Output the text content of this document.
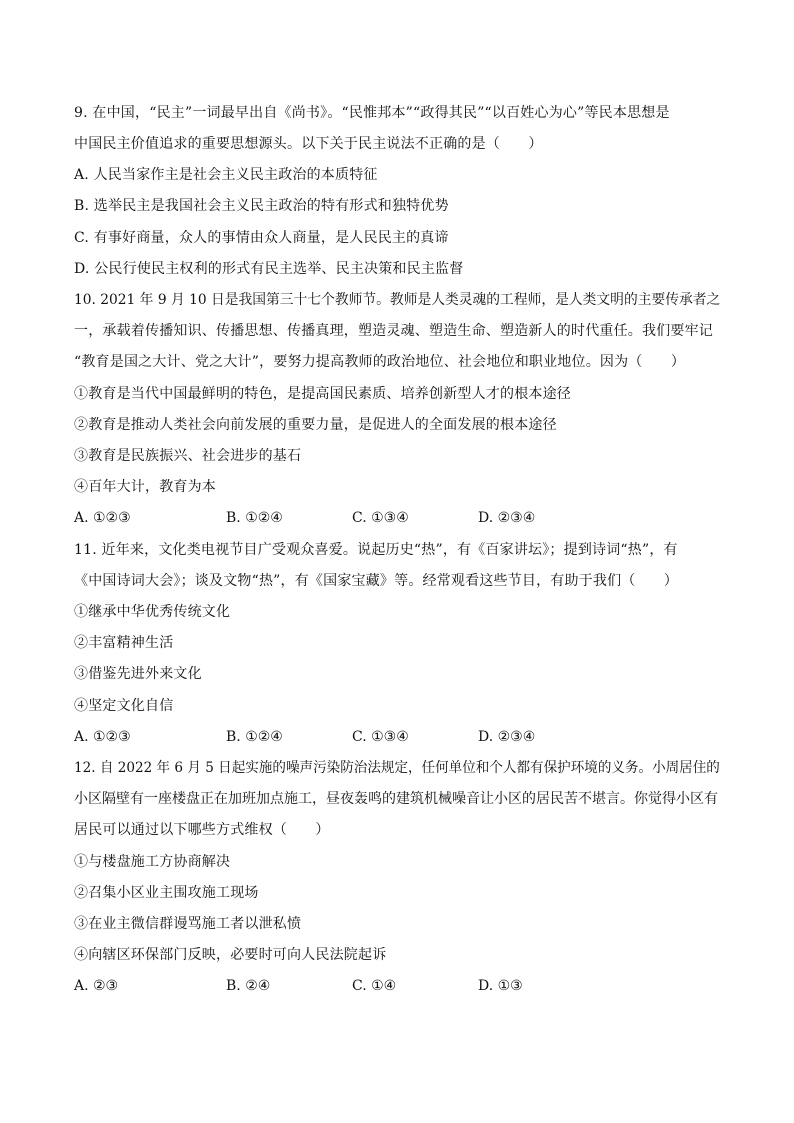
9. 在中国，“民主”一词最早出自《尚书》。“民惟邦本”“政得其民”“以百姓心为心”等民本思想是
中国民主价值追求的重要思想源头。以下关于民主说法不正确的是（　　）
A. 人民当家作主是社会主义民主政治的本质特征
B. 选举民主是我国社会主义民主政治的特有形式和独特优势
C. 有事好商量，众人的事情由众人商量，是人民民主的真谛
D. 公民行使民主权利的形式有民主选举、民主决策和民主监督
10. 2021 年 9 月 10 日是我国第三十七个教师节。教师是人类灵魂的工程师，是人类文明的主要传承者之
一，承载着传播知识、传播思想、传播真理，塑造灵魂、塑造生命、塑造新人的时代重任。我们要牢记
“教育是国之大计、党之大计”，要努力提高教师的政治地位、社会地位和职业地位。因为（　　）
①教育是当代中国最鲜明的特色，是提高国民素质、培养创新型人才的根本途径
②教育是推动人类社会向前发展的重要力量，是促进人的全面发展的根本途径
③教育是民族振兴、社会进步的基石
④百年大计，教育为本
A. ①②③	B. ①②④	C. ①③④	D. ②③④
11. 近年来，文化类电视节目广受观众喜爱。说起历史“热”，有《百家讲坛》；提到诗词“热”，有
《中国诗词大会》；谈及文物“热”，有《国家宝藏》等。经常观看这些节目，有助于我们（　　）
①继承中华优秀传统文化
②丰富精神生活
③借鉴先进外来文化
④坚定文化自信
A. ①②③	B. ①②④	C. ①③④	D. ②③④
12. 自 2022 年 6 月 5 日起实施的噪声污染防治法规定，任何单位和个人都有保护环境的义务。小周居住的
小区隔壁有一座楼盘正在加班加点施工，昼夜轰鸣的建筑机械噪音让小区的居民苦不堪言。你觉得小区有
居民可以通过以下哪些方式维权（　　）
①与楼盘施工方协商解决
②召集小区业主围攻施工现场
③在业主微信群谩骂施工者以泄私愤
④向辖区环保部门反映，必要时可向人民法院起诉
A. ②③	B. ②④	C. ①④	D. ①③
